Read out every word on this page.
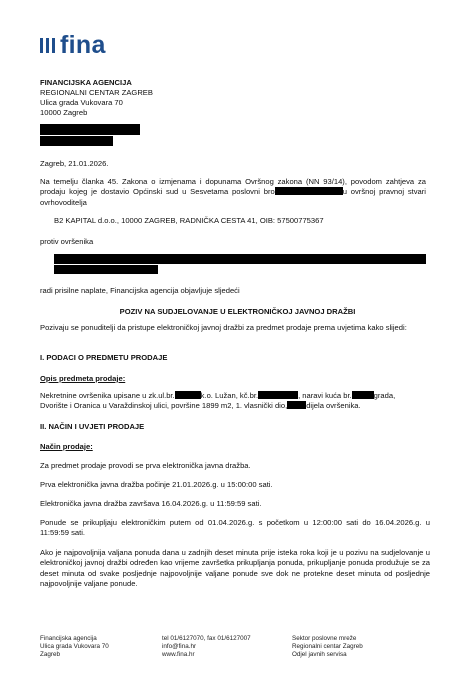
fina
FINANCIJSKA AGENCIJA
REGIONALNI CENTAR ZAGREB
Ulica grada Vukovara 70
10000 Zagreb
Zagreb, 21.01.2026.
Na temelju članka 45. Zakona o izmjenama i dopunama Ovršnog zakona (NN 93/14), povodom zahtjeva za prodaju kojeg je dostavio Općinski sud u Sesvetama poslovni bro	u ovršnoj pravnoj stvari ovrhovoditelja
B2 KAPITAL d.o.o., 10000 ZAGREB, RADNIČKA CESTA 41, OIB: 57500775367
protiv ovršenika
radi prisilne naplate, Financijska agencija objavljuje sljedeći
POZIV NA SUDJELOVANJE U ELEKTRONIČKOJ JAVNOJ DRAŽBI
Pozivaju se ponuditelji da pristupe elektroničkoj javnoj dražbi za predmet prodaje prema uvjetima kako slijedi:
I. PODACI O PREDMETU PRODAJE
Opis predmeta prodaje:
Nekretnine ovršenika upisane u zk.ul.br.	k.o. Lužan, kč.br.	, naravi kuća br.	grada,
Dvorište i Oranica u Varaždinskoj ulici, površine 1899 m2, 1. vlasnički dio,	dijela ovršenika.
II. NAČIN I UVJETI PRODAJE
Način prodaje:
Za predmet prodaje provodi se prva elektronička javna dražba.
Prva elektronička javna dražba počinje 21.01.2026.g. u 15:00:00 sati.
Elektronička javna dražba završava 16.04.2026.g. u 11:59:59 sati.
Ponude se prikupljaju elektroničkim putem od 01.04.2026.g. s početkom u 12:00:00 sati do 16.04.2026.g. u 11:59:59 sati.
Ako je najpovoljnija valjana ponuda dana u zadnjih deset minuta prije isteka roka koji je u pozivu na sudjelovanje u elektroničkoj javnoj dražbi određen kao vrijeme završetka prikupljanja ponuda, prikupljanje ponuda produžuje se za deset minuta od svake posljednje najpovoljnije valjane ponude sve dok ne protekne deset minuta od posljednje najpovoljnije valjane ponude.
Financijska agencija
Ulica grada Vukovara 70
Zagreb
tel 01/6127070, fax 01/6127007
info@fina.hr
www.fina.hr
Sektor poslovne mreže
Regionalni centar Zagreb
Odjel javnih servisa
